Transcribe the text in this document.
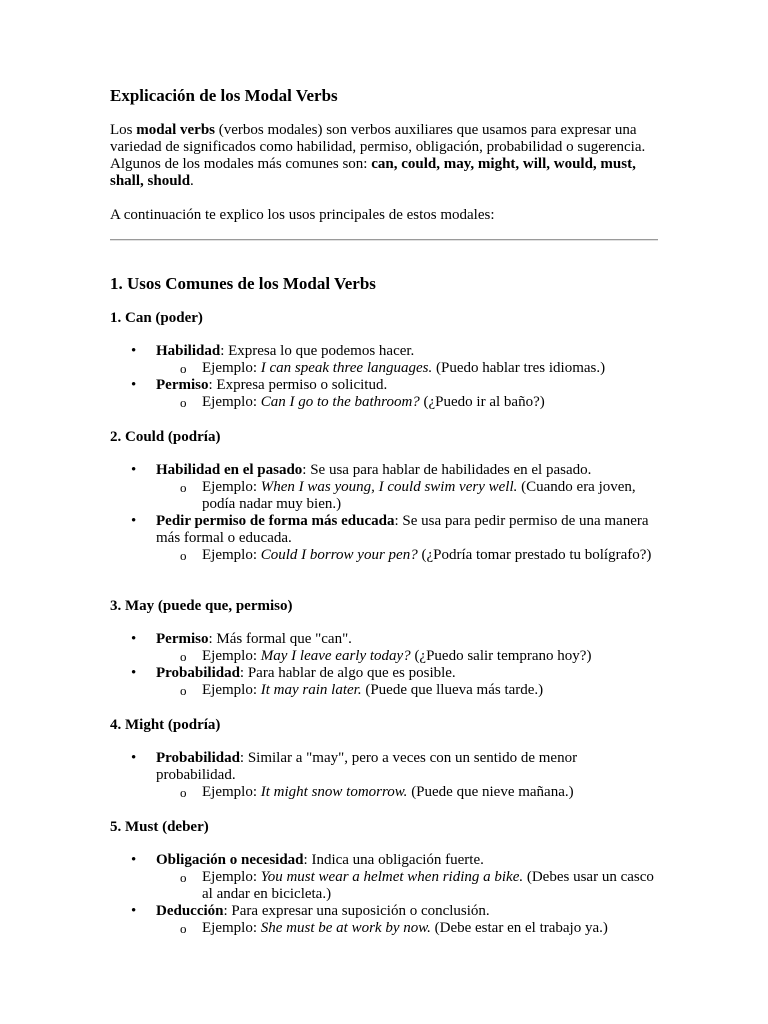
Explicación de los Modal Verbs

Los modal verbs (verbos modales) son verbos auxiliares que usamos para expresar una variedad de significados como habilidad, permiso, obligación, probabilidad o sugerencia. Algunos de los modales más comunes son: can, could, may, might, will, would, must, shall, should.

A continuación te explico los usos principales de estos modales:

1. Usos Comunes de los Modal Verbs
1. Can (poder)
• Habilidad: Expresa lo que podemos hacer.
o Ejemplo: I can speak three languages. (Puedo hablar tres idiomas.)
• Permiso: Expresa permiso o solicitud.
o Ejemplo: Can I go to the bathroom? (¿Puedo ir al baño?)
2. Could (podría)
• Habilidad en el pasado: Se usa para hablar de habilidades en el pasado.
o Ejemplo: When I was young, I could swim very well. (Cuando era joven, podía nadar muy bien.)
• Pedir permiso de forma más educada: Se usa para pedir permiso de una manera más formal o educada.
o Ejemplo: Could I borrow your pen? (¿Podría tomar prestado tu bolígrafo?)
3. May (puede que, permiso)
• Permiso: Más formal que "can".
o Ejemplo: May I leave early today? (¿Puedo salir temprano hoy?)
• Probabilidad: Para hablar de algo que es posible.
o Ejemplo: It may rain later. (Puede que llueva más tarde.)
4. Might (podría)
• Probabilidad: Similar a "may", pero a veces con un sentido de menor probabilidad.
o Ejemplo: It might snow tomorrow. (Puede que nieve mañana.)
5. Must (deber)
• Obligación o necesidad: Indica una obligación fuerte.
o Ejemplo: You must wear a helmet when riding a bike. (Debes usar un casco al andar en bicicleta.)
• Deducción: Para expresar una suposición o conclusión.
o Ejemplo: She must be at work by now. (Debe estar en el trabajo ya.)
